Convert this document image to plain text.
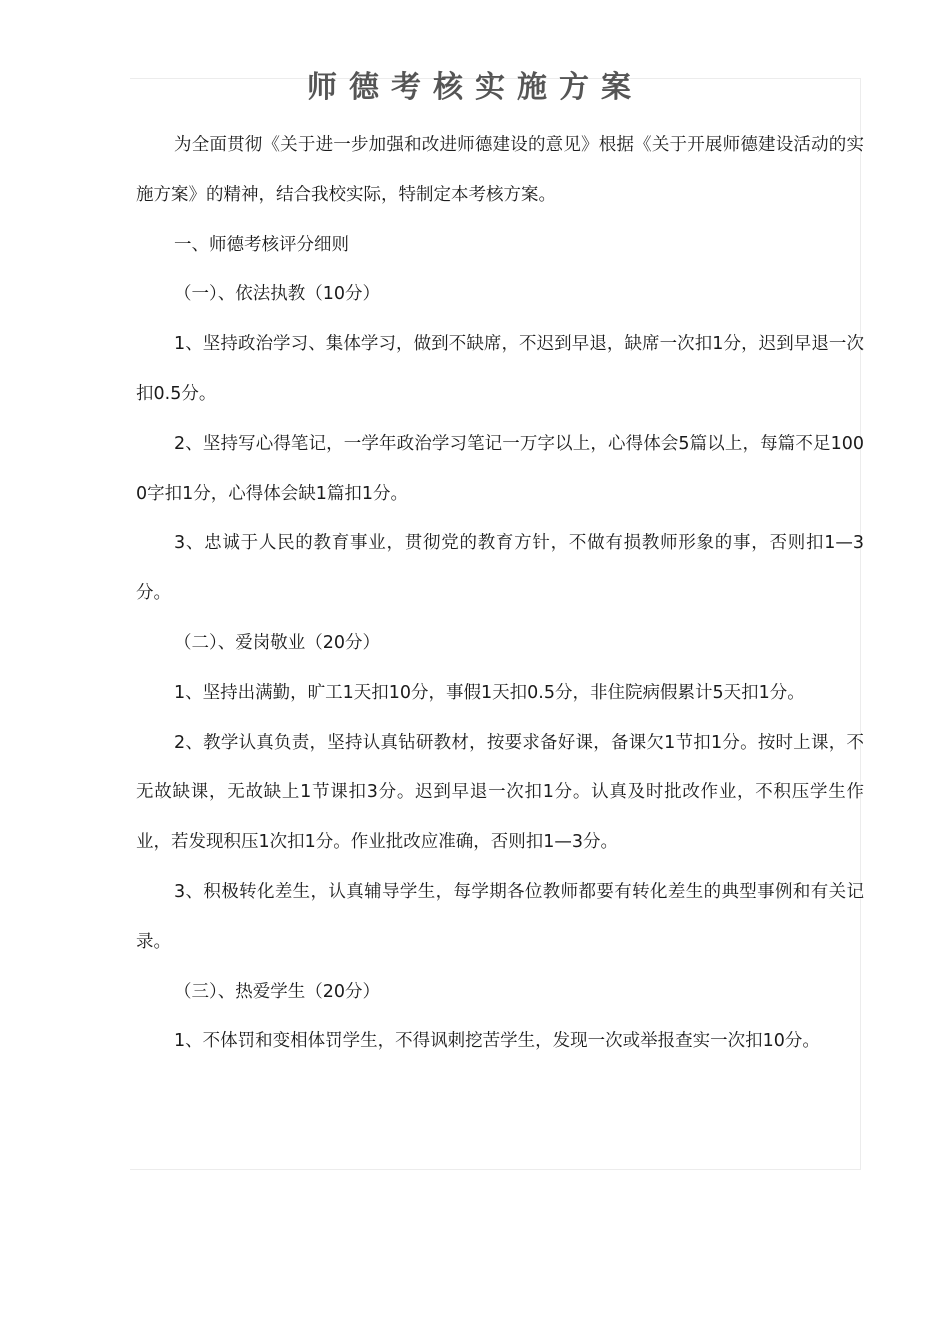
师德考核实施方案

为全面贯彻《关于进一步加强和改进师德建设的意见》根据《关于开展师德建设活动的实施方案》的精神，结合我校实际，特制定本考核方案。

一、师德考核评分细则

（一）、依法执教（10分）

1、坚持政治学习、集体学习，做到不缺席，不迟到早退，缺席一次扣1分，迟到早退一次扣0.5分。

2、坚持写心得笔记，一学年政治学习笔记一万字以上，心得体会5篇以上，每篇不足1000字扣1分，心得体会缺1篇扣1分。

3、忠诚于人民的教育事业，贯彻党的教育方针，不做有损教师形象的事，否则扣1—3分。

（二）、爱岗敬业（20分）

1、坚持出满勤，旷工1天扣10分，事假1天扣0.5分，非住院病假累计5天扣1分。

2、教学认真负责，坚持认真钻研教材，按要求备好课，备课欠1节扣1分。按时上课，不无故缺课，无故缺上1节课扣3分。迟到早退一次扣1分。认真及时批改作业，不积压学生作业，若发现积压1次扣1分。作业批改应准确，否则扣1—3分。

3、积极转化差生，认真辅导学生，每学期各位教师都要有转化差生的典型事例和有关记录。

（三）、热爱学生（20分）

1、不体罚和变相体罚学生，不得讽刺挖苦学生，发现一次或举报查实一次扣10分。
